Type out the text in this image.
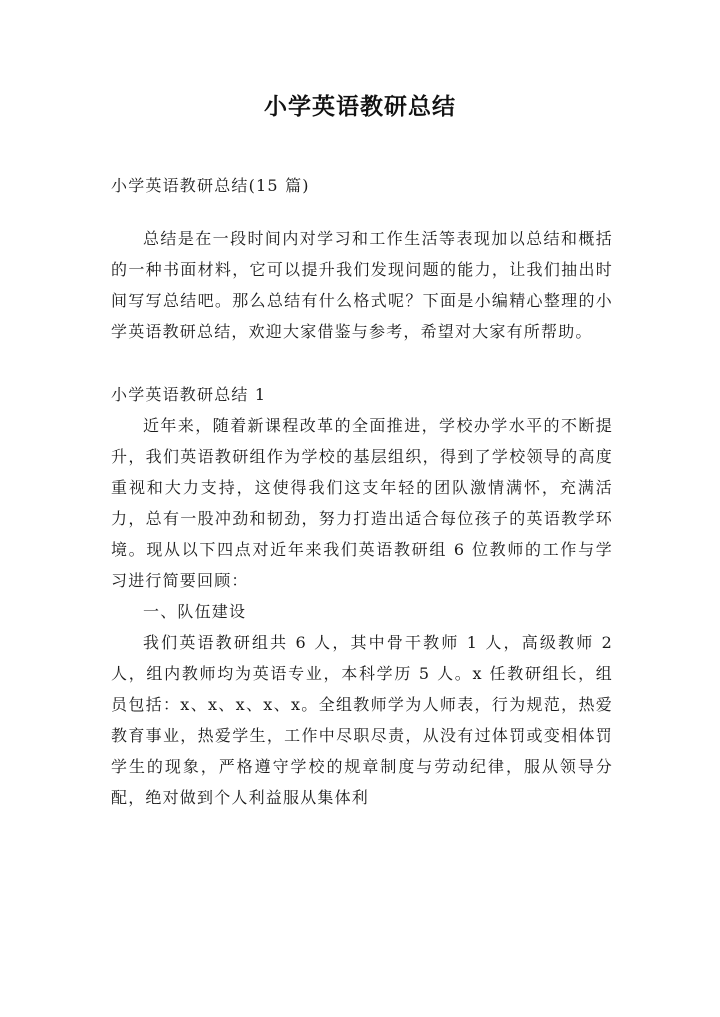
小学英语教研总结

小学英语教研总结(15 篇)

总结是在一段时间内对学习和工作生活等表现加以总结和概括的一种书面材料，它可以提升我们发现问题的能力，让我们抽出时间写写总结吧。那么总结有什么格式呢？下面是小编精心整理的小学英语教研总结，欢迎大家借鉴与参考，希望对大家有所帮助。

小学英语教研总结 1

近年来，随着新课程改革的全面推进，学校办学水平的不断提升，我们英语教研组作为学校的基层组织，得到了学校领导的高度重视和大力支持，这使得我们这支年轻的团队激情满怀，充满活力，总有一股冲劲和韧劲，努力打造出适合每位孩子的英语教学环境。现从以下四点对近年来我们英语教研组 6 位教师的工作与学习进行简要回顾：

一、队伍建设

我们英语教研组共 6 人，其中骨干教师 1 人，高级教师 2 人，组内教师均为英语专业，本科学历 5 人。x 任教研组长，组员包括：x、x、x、x、x。全组教师学为人师表，行为规范，热爱教育事业，热爱学生，工作中尽职尽责，从没有过体罚或变相体罚学生的现象，严格遵守学校的规章制度与劳动纪律，服从领导分配，绝对做到个人利益服从集体利
